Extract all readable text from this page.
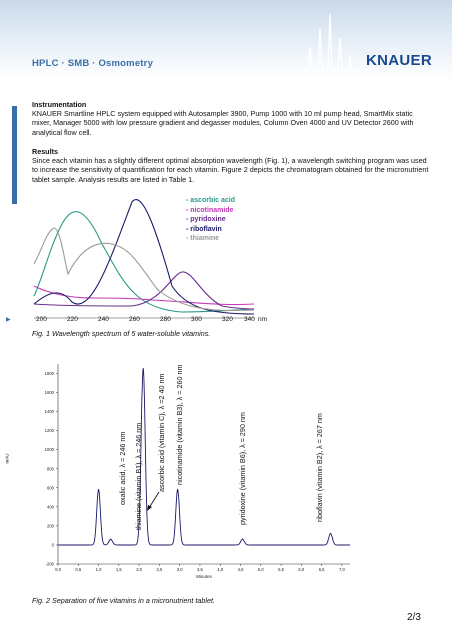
HPLC · SMB · Osmometry	KNAUER
▶
Instrumentation
KNAUER Smartline HPLC system equipped with Autosampler 3900, Pump 1000 with 10 ml pump head, SmartMix static mixer, Manager 5000 with low pressure gradient and degasser modules, Column Oven 4000 and UV Detector 2600 with analytical flow cell.
Results
Since each vitamin has a slightly different optimal absorption wavelength (Fig. 1), a wavelength switching program was used to increase the sensitivity of quantification for each vitamin. Figure 2 depicts the chromatogram obtained for the micronutrient tablet sample. Analysis results are listed in Table 1.
- ascorbic acid
- nicotinamide
- pyridoxine
- riboflavin
- thiamine
200	220	240	260	280	300	320 340 nm
Fig. 1 Wavelength spectrum of 5 water-soluble vitamins.
1800
1600
1400
1200
1000
800
600
400
200
0
-200
0,0	0,5	1,0	1,5	2,0	2,5	3,0	3,5	4,0	4,5	5,0	5,5	6,0	6,5	7,0
Minutes
mAU	oxalic acid, λ = 246 nm thiamine (vitamin B1), λ = 246 nm ascorbic acid (vitamin C), λ =2 40 nm nicotinamide (vitamin B3), λ = 260 nm	pyridoxine (vitamin B6), λ = 290 nm	riboflavin (vitamin B2), λ = 267 nm
Fig. 2 Separation of five vitamins in a micronutrient tablet.
2/3
